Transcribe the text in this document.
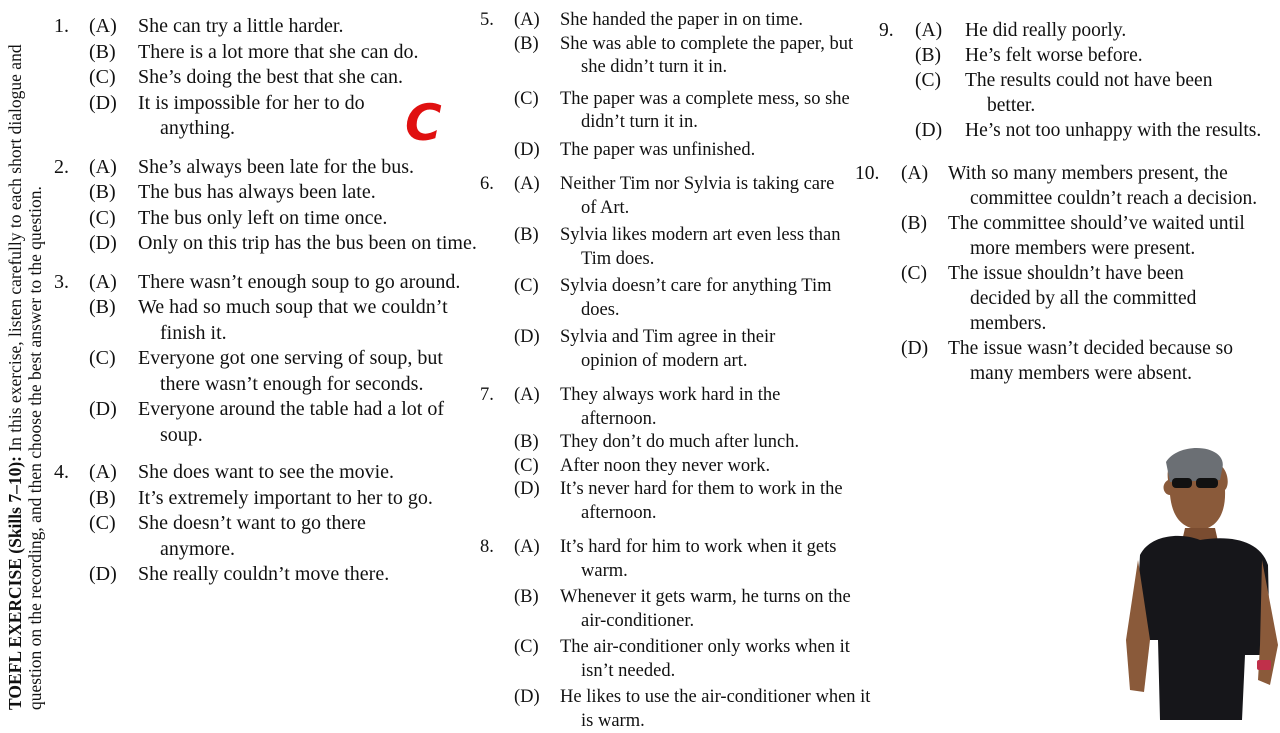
TOEFL EXERCISE (Skills 7–10): In this exercise, listen carefully to each short dialogue and question on the recording, and then choose the best answer to the question.
1. (A) She can try a little harder.
(B) There is a lot more that she can do.
(C) She’s doing the best that she can.
(D) It is impossible for her to do anything.
2. (A) She’s always been late for the bus.
(B) The bus has always been late.
(C) The bus only left on time once.
(D) Only on this trip has the bus been on time.
3. (A) There wasn’t enough soup to go around.
(B) We had so much soup that we couldn’t finish it.
(C) Everyone got one serving of soup, but there wasn’t enough for seconds.
(D) Everyone around the table had a lot of soup.
4. (A) She does want to see the movie.
(B) It’s extremely important to her to go.
(C) She doesn’t want to go there anymore.
(D) She really couldn’t move there.
C
5. (A) She handed the paper in on time.
(B) She was able to complete the paper, but she didn’t turn it in.
(C) The paper was a complete mess, so she didn’t turn it in.
(D) The paper was unfinished.
6. (A) Neither Tim nor Sylvia is taking care of Art.
(B) Sylvia likes modern art even less than Tim does.
(C) Sylvia doesn’t care for anything Tim does.
(D) Sylvia and Tim agree in their opinion of modern art.
7. (A) They always work hard in the afternoon.
(B) They don’t do much after lunch.
(C) After noon they never work.
(D) It’s never hard for them to work in the afternoon.
8. (A) It’s hard for him to work when it gets warm.
(B) Whenever it gets warm, he turns on the air-conditioner.
(C) The air-conditioner only works when it isn’t needed.
(D) He likes to use the air-conditioner when it is warm.
9. (A) He did really poorly.
(B) He’s felt worse before.
(C) The results could not have been better.
(D) He’s not too unhappy with the results.
10. (A) With so many members present, the committee couldn’t reach a decision.
(B) The committee should’ve waited until more members were present.
(C) The issue shouldn’t have been decided by all the committed members.
(D) The issue wasn’t decided because so many members were absent.
